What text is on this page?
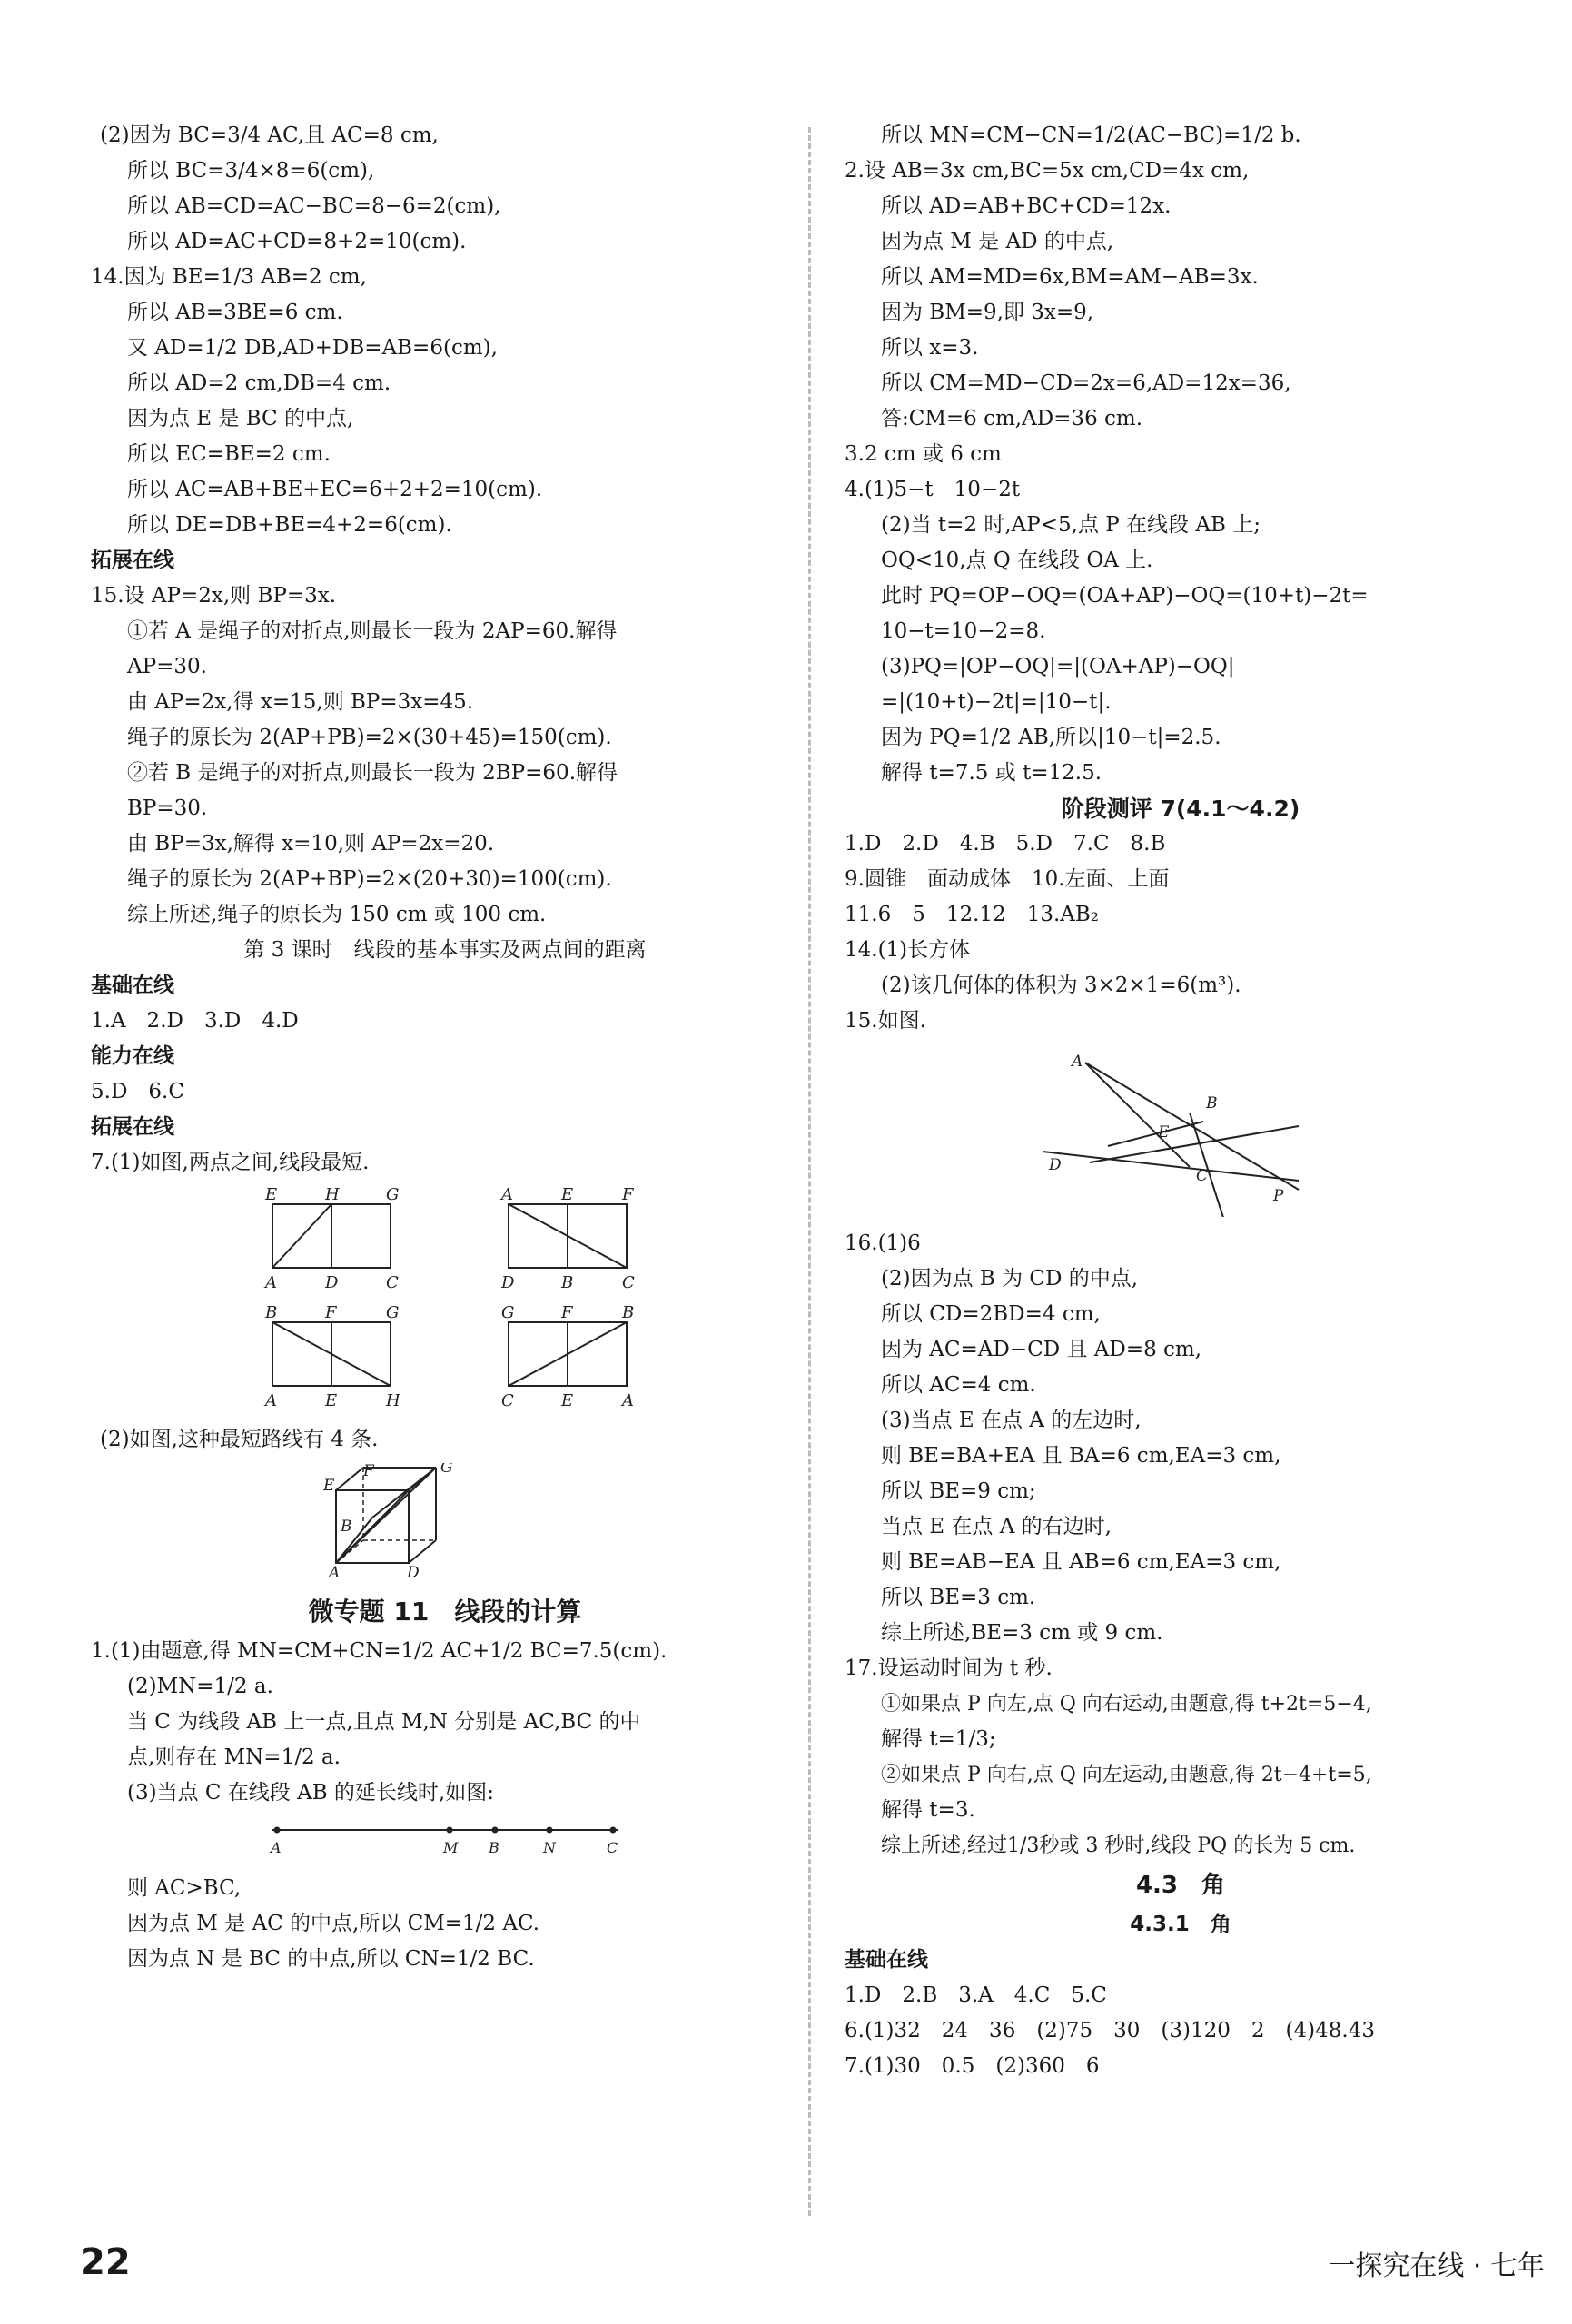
(2)因为 BC=3/4 AC,且 AC=8 cm,
所以 BC=3/4×8=6(cm),
所以 AB=CD=AC−BC=8−6=2(cm),
所以 AD=AC+CD=8+2=10(cm).
14.因为 BE=1/3 AB=2 cm,
所以 AB=3BE=6 cm.
又 AD=1/2 DB,AD+DB=AB=6(cm),
所以 AD=2 cm,DB=4 cm.
因为点 E 是 BC 的中点,
所以 EC=BE=2 cm.
所以 AC=AB+BE+EC=6+2+2=10(cm).
所以 DE=DB+BE=4+2=6(cm).
拓展在线
15.设 AP=2x,则 BP=3x.
①若 A 是绳子的对折点,则最长一段为 2AP=60.解得
AP=30.
由 AP=2x,得 x=15,则 BP=3x=45.
绳子的原长为 2(AP+PB)=2×(30+45)=150(cm).
②若 B 是绳子的对折点,则最长一段为 2BP=60.解得
BP=30.
由 BP=3x,解得 x=10,则 AP=2x=20.
绳子的原长为 2(AP+BP)=2×(20+30)=100(cm).
综上所述,绳子的原长为 150 cm 或 100 cm.
第 3 课时　线段的基本事实及两点间的距离
基础在线
1.A　2.D　3.D　4.D
能力在线
5.D　6.C
拓展在线
7.(1)如图,两点之间,线段最短.
E	H	G
A	D	C
A	E	F
D	B	C
B	F	G
A	E	H
G	F	B
C	E	A
(2)如图,这种最短路线有 4 条.
E
F	G
B
A	D
微专题 11　线段的计算
1.(1)由题意,得 MN=CM+CN=1/2 AC+1/2 BC=7.5(cm).
(2)MN=1/2 a.
当 C 为线段 AB 上一点,且点 M,N 分别是 AC,BC 的中
点,则存在 MN=1/2 a.
(3)当点 C 在线段 AB 的延长线时,如图:
A	M B	N	C
则 AC>BC,
因为点 M 是 AC 的中点,所以 CM=1/2 AC.
因为点 N 是 BC 的中点,所以 CN=1/2 BC.
所以 MN=CM−CN=1/2(AC−BC)=1/2 b.
2.设 AB=3x cm,BC=5x cm,CD=4x cm,
所以 AD=AB+BC+CD=12x.
因为点 M 是 AD 的中点,
所以 AM=MD=6x,BM=AM−AB=3x.
因为 BM=9,即 3x=9,
所以 x=3.
所以 CM=MD−CD=2x=6,AD=12x=36,
答:CM=6 cm,AD=36 cm.
3.2 cm 或 6 cm
4.(1)5−t　10−2t
(2)当 t=2 时,AP<5,点 P 在线段 AB 上;
OQ<10,点 Q 在线段 OA 上.
此时 PQ=OP−OQ=(OA+AP)−OQ=(10+t)−2t=
10−t=10−2=8.
(3)PQ=|OP−OQ|=|(OA+AP)−OQ|
=|(10+t)−2t|=|10−t|.
因为 PQ=1/2 AB,所以|10−t|=2.5.
解得 t=7.5 或 t=12.5.
阶段测评 7(4.1～4.2)
1.D　2.D　4.B　5.D　7.C　8.B
9.圆锥　面动成体　10.左面、上面
11.6　5　12.12　13.AB₂
14.(1)长方体
(2)该几何体的体积为 3×2×1=6(m³).
15.如图.
A
B
E
C
D
P
16.(1)6
(2)因为点 B 为 CD 的中点,
所以 CD=2BD=4 cm,
因为 AC=AD−CD 且 AD=8 cm,
所以 AC=4 cm.
(3)当点 E 在点 A 的左边时,
则 BE=BA+EA 且 BA=6 cm,EA=3 cm,
所以 BE=9 cm;
当点 E 在点 A 的右边时,
则 BE=AB−EA 且 AB=6 cm,EA=3 cm,
所以 BE=3 cm.
综上所述,BE=3 cm 或 9 cm.
17.设运动时间为 t 秒.
①如果点 P 向左,点 Q 向右运动,由题意,得 t+2t=5−4,
解得 t=1/3;
②如果点 P 向右,点 Q 向左运动,由题意,得 2t−4+t=5,
解得 t=3.
综上所述,经过1/3秒或 3 秒时,线段 PQ 的长为 5 cm.
4.3　角
4.3.1　角
基础在线
1.D　2.B　3.A　4.C　5.C
6.(1)32　24　36　(2)75　30　(3)120　2　(4)48.43
7.(1)30　0.5　(2)360　6
22	一探究在线 · 七年
